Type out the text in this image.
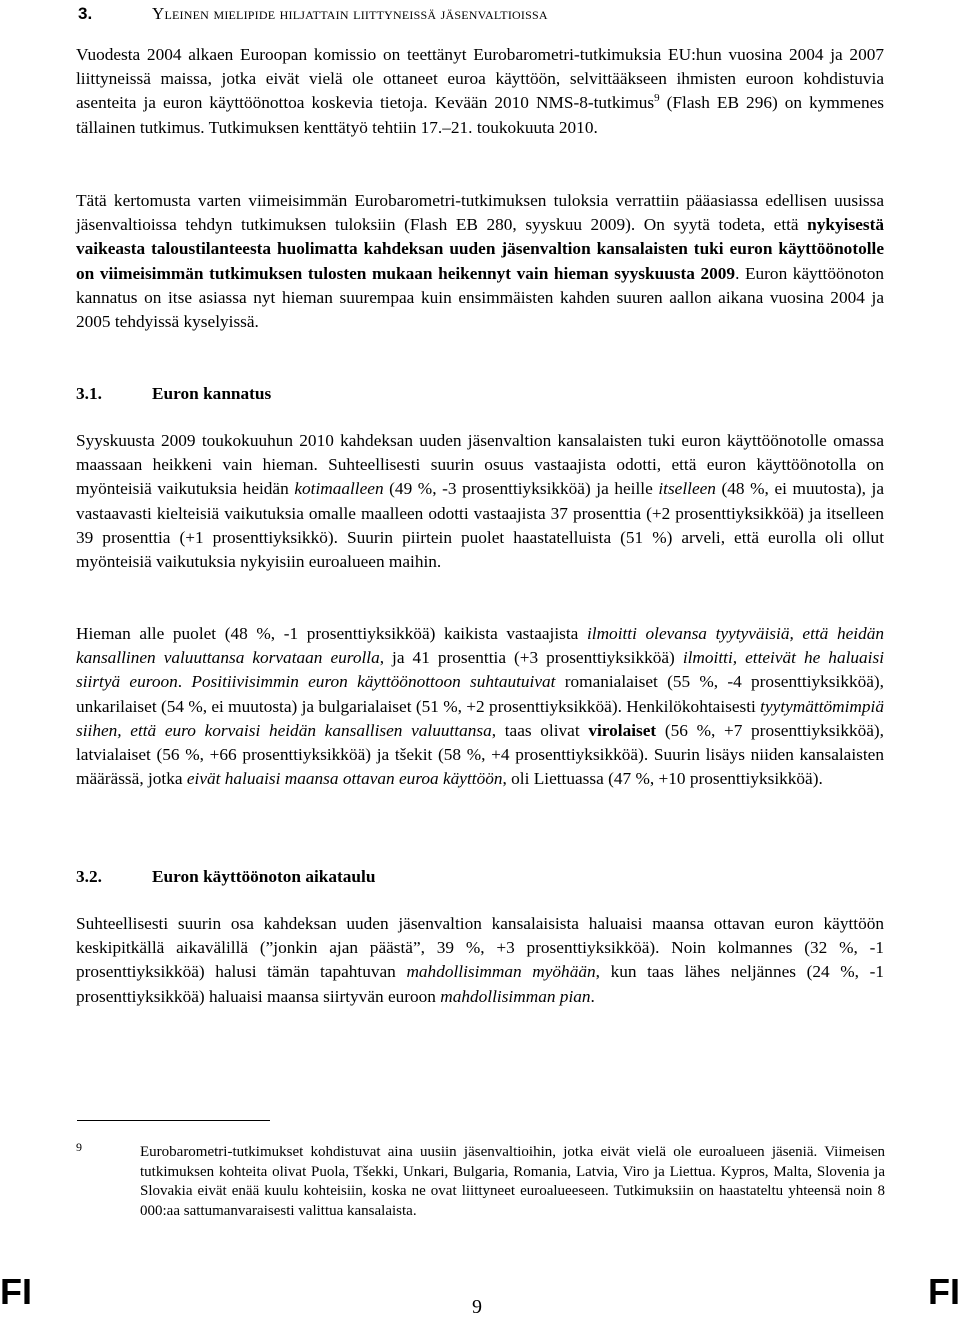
3.	Yleinen mielipide hiljattain liittyneissä jäsenvaltioissa

Vuodesta 2004 alkaen Euroopan komissio on teettänyt Eurobarometri-tutkimuksia EU:hun vuosina 2004 ja 2007 liittyneissä maissa, jotka eivät vielä ole ottaneet euroa käyttöön, selvittääkseen ihmisten euroon kohdistuvia asenteita ja euron käyttöönottoa koskevia tietoja. Kevään 2010 NMS-8-tutkimus$^9$ (Flash EB 296) on kymmenes tällainen tutkimus. Tutkimuksen kenttätyö tehtiin 17.–21. toukokuuta 2010.

Tätä kertomusta varten viimeisimmän Eurobarometri-tutkimuksen tuloksia verrattiin pääasiassa edellisen uusissa jäsenvaltioissa tehdyn tutkimuksen tuloksiin (Flash EB 280, syyskuu 2009). On syytä todeta, että nykyisestä vaikeasta taloustilanteesta huolimatta kahdeksan uuden jäsenvaltion kansalaisten tuki euron käyttöönotolle on viimeisimmän tutkimuksen tulosten mukaan heikennyt vain hieman syyskuusta 2009. Euron käyttöönoton kannatus on itse asiassa nyt hieman suurempaa kuin ensimmäisten kahden suuren aallon aikana vuosina 2004 ja 2005 tehdyissä kyselyissä.

3.1.	Euron kannatus

Syyskuusta 2009 toukokuuhun 2010 kahdeksan uuden jäsenvaltion kansalaisten tuki euron käyttöönotolle omassa maassaan heikkeni vain hieman. Suhteellisesti suurin osuus vastaajista odotti, että euron käyttöönotolla on myönteisiä vaikutuksia heidän kotimaalleen (49 %, -3 prosenttiyksikköä) ja heille itselleen (48 %, ei muutosta), ja vastaavasti kielteisiä vaikutuksia omalle maalleen odotti vastaajista 37 prosenttia (+2 prosenttiyksikköä) ja itselleen 39 prosenttia (+1 prosenttiyksikkö). Suurin piirtein puolet haastatelluista (51 %) arveli, että eurolla oli ollut myönteisiä vaikutuksia nykyisiin euroalueen maihin.

Hieman alle puolet (48 %, -1 prosenttiyksikköä) kaikista vastaajista ilmoitti olevansa tyytyväisiä, että heidän kansallinen valuuttansa korvataan eurolla, ja 41 prosenttia (+3 prosenttiyksikköä) ilmoitti, etteivät he haluaisi siirtyä euroon. Positiivisimmin euron käyttöönottoon suhtautuivat romanialaiset (55 %, -4 prosenttiyksikköä), unkarilaiset (54 %, ei muutosta) ja bulgarialaiset (51 %, +2 prosenttiyksikköä). Henkilökohtaisesti tyytymättömimpiä siihen, että euro korvaisi heidän kansallisen valuuttansa, taas olivat virolaiset (56 %, +7 prosenttiyksikköä), latvialaiset (56 %, +66 prosenttiyksikköä) ja tšekit (58 %, +4 prosenttiyksikköä). Suurin lisäys niiden kansalaisten määrässä, jotka eivät haluaisi maansa ottavan euroa käyttöön, oli Liettuassa (47 %, +10 prosenttiyksikköä).

3.2.	Euron käyttöönoton aikataulu

Suhteellisesti suurin osa kahdeksan uuden jäsenvaltion kansalaisista haluaisi maansa ottavan euron käyttöön keskipitkällä aikavälillä (”jonkin ajan päästä”, 39 %, +3 prosenttiyksikköä). Noin kolmannes (32 %, -1 prosenttiyksikköä) halusi tämän tapahtuvan mahdollisimman myöhään, kun taas lähes neljännes (24 %, -1 prosenttiyksikköä) haluaisi maansa siirtyvän euroon mahdollisimman pian.

9	Eurobarometri-tutkimukset kohdistuvat aina uusiin jäsenvaltioihin, jotka eivät vielä ole euroalueen jäseniä. Viimeisen tutkimuksen kohteita olivat Puola, Tšekki, Unkari, Bulgaria, Romania, Latvia, Viro ja Liettua. Kypros, Malta, Slovenia ja Slovakia eivät enää kuulu kohteisiin, koska ne ovat liittyneet euroalueeseen. Tutkimuksiin on haastateltu yhteensä noin 8 000:aa sattumanvaraisesti valittua kansalaista.

FI	9	FI
